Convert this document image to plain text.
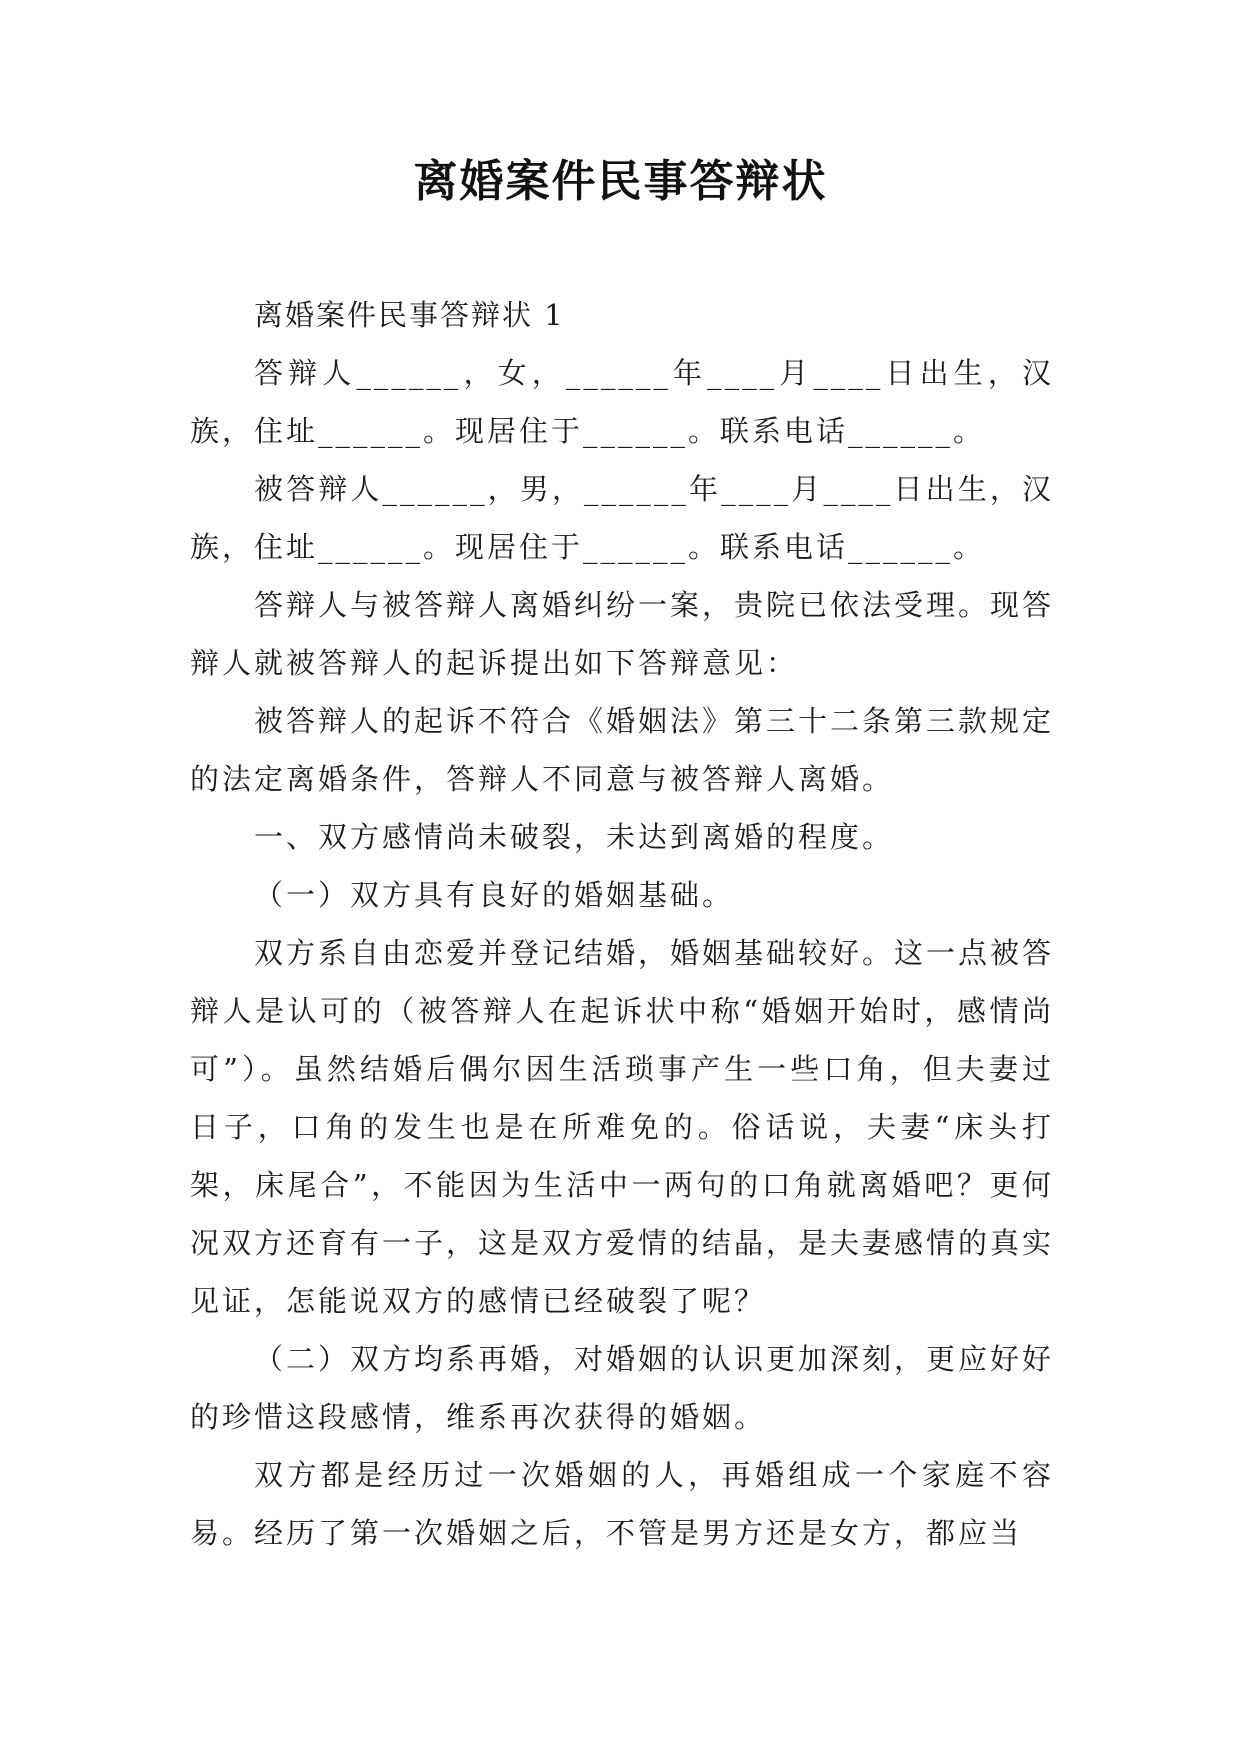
离婚案件民事答辩状

离婚案件民事答辩状 1

答辩人______，女，______年____月____日出生，汉族，住址______。现居住于______。联系电话______。

被答辩人______，男，______年____月____日出生，汉族，住址______。现居住于______。联系电话______。

答辩人与被答辩人离婚纠纷一案，贵院已依法受理。现答辩人就被答辩人的起诉提出如下答辩意见：

被答辩人的起诉不符合《婚姻法》第三十二条第三款规定的法定离婚条件，答辩人不同意与被答辩人离婚。

一、双方感情尚未破裂，未达到离婚的程度。

（一）双方具有良好的婚姻基础。

双方系自由恋爱并登记结婚，婚姻基础较好。这一点被答辩人是认可的（被答辩人在起诉状中称“婚姻开始时，感情尚可”）。虽然结婚后偶尔因生活琐事产生一些口角，但夫妻过日子，口角的发生也是在所难免的。俗话说，夫妻“床头打架，床尾合”，不能因为生活中一两句的口角就离婚吧？更何况双方还育有一子，这是双方爱情的结晶，是夫妻感情的真实见证，怎能说双方的感情已经破裂了呢？

（二）双方均系再婚，对婚姻的认识更加深刻，更应好好的珍惜这段感情，维系再次获得的婚姻。

双方都是经历过一次婚姻的人，再婚组成一个家庭不容易。经历了第一次婚姻之后，不管是男方还是女方，都应当
